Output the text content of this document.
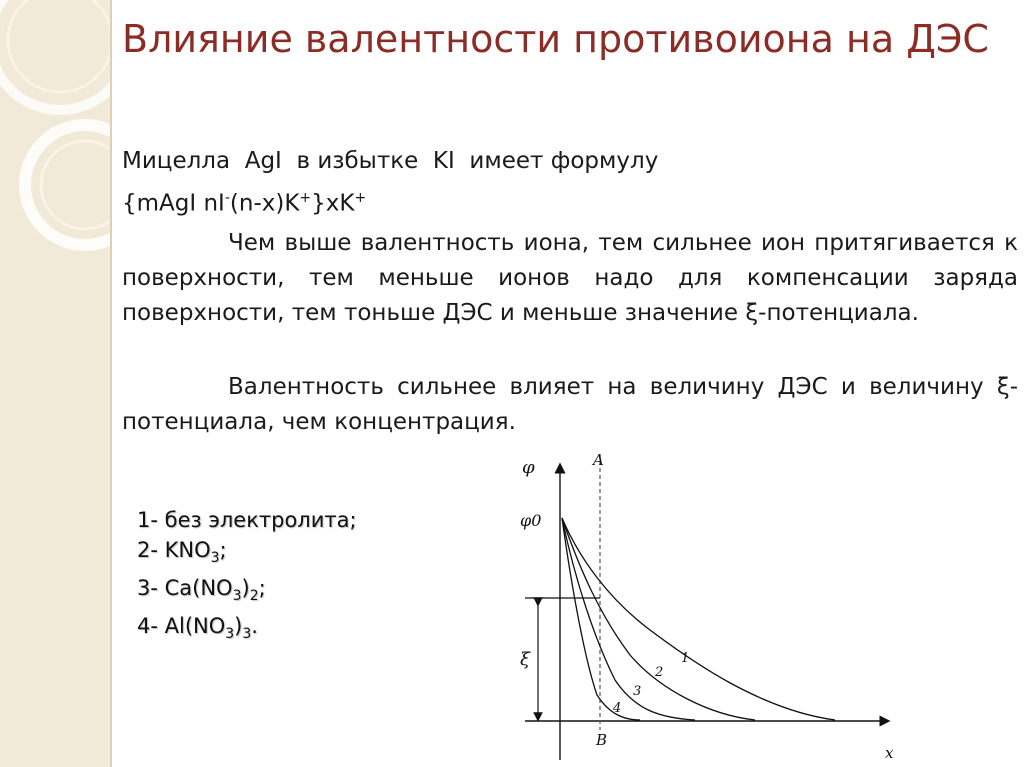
Влияние валентности противоиона на ДЭС

Мицелла  AgI  в избытке  KI  имеет формулу

{mAgI nI-(n-x)K+}xK+

Чем выше валентность иона, тем сильнее ион притягивается к поверхности, тем меньше ионов надо для компенсации заряда поверхности, тем тоньше ДЭС и меньше значение ξ-потенциала.

Валентность сильнее влияет на величину ДЭС и величину ξ-потенциала, чем концентрация.

1- без электролита;
2- $KNO_3$;
3- $Ca(NO_3)_2$;
4- $Al(NO_3)_3$.
φ
φ0
A
B
ξ
x
1
2
3
4
